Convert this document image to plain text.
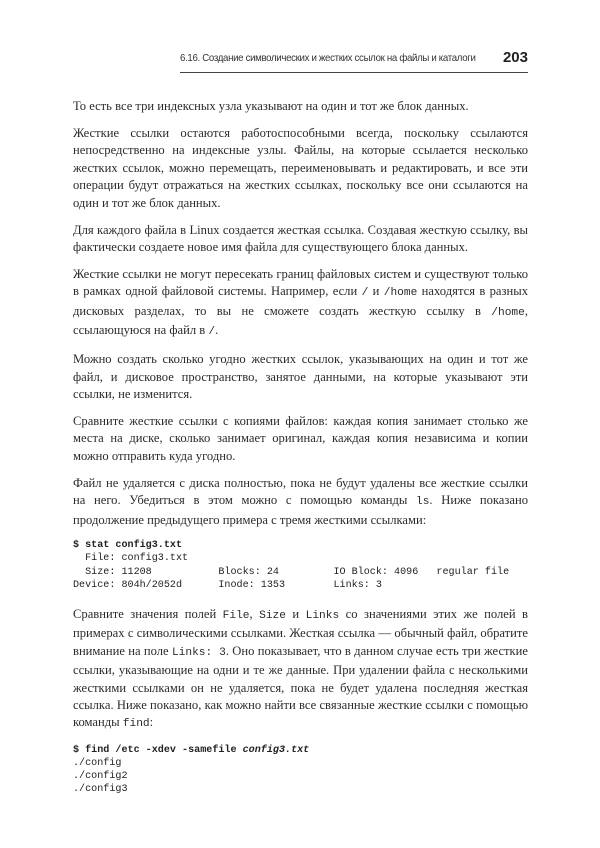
6.16. Создание символических и жестких ссылок на файлы и каталоги 203

То есть все три индексных узла указывают на один и тот же блок данных.

Жесткие ссылки остаются работоспособными всегда, поскольку ссылаются непосредственно на индексные узлы. Файлы, на которые ссылается несколько жестких ссылок, можно перемещать, переименовывать и редактировать, и все эти операции будут отражаться на жестких ссылках, поскольку все они ссылаются на один и тот же блок данных.

Для каждого файла в Linux создается жесткая ссылка. Создавая жесткую ссылку, вы фактически создаете новое имя файла для существующего блока данных.

Жесткие ссылки не могут пересекать границ файловых систем и существуют только в рамках одной файловой системы. Например, если / и /home находятся в разных дисковых разделах, то вы не сможете создать жесткую ссылку в /home, ссылающуюся на файл в /.

Можно создать сколько угодно жестких ссылок, указывающих на один и тот же файл, и дисковое пространство, занятое данными, на которые указывают эти ссылки, не изменится.

Сравните жесткие ссылки с копиями файлов: каждая копия занимает столько же места на диске, сколько занимает оригинал, каждая копия независима и копии можно отправить куда угодно.

Файл не удаляется с диска полностью, пока не будут удалены все жесткие ссылки на него. Убедиться в этом можно с помощью команды ls. Ниже показано продолжение предыдущего примера с тремя жесткими ссылками:

$ stat config3.txt
File: config3.txt
Size: 11208           Blocks: 24         IO Block: 4096   regular file
Device: 804h/2052d      Inode: 1353        Links: 3

Сравните значения полей File, Size и Links со значениями этих же полей в примерах с символическими ссылками. Жесткая ссылка — обычный файл, обратите внимание на поле Links: 3. Оно показывает, что в данном случае есть три жесткие ссылки, указывающие на одни и те же данные. При удалении файла с несколькими жесткими ссылками он не удаляется, пока не будет удалена последняя жесткая ссылка. Ниже показано, как можно найти все связанные жесткие ссылки с помощью команды find:

$ find /etc -xdev -samefile config3.txt
./config
./config2
./config3
